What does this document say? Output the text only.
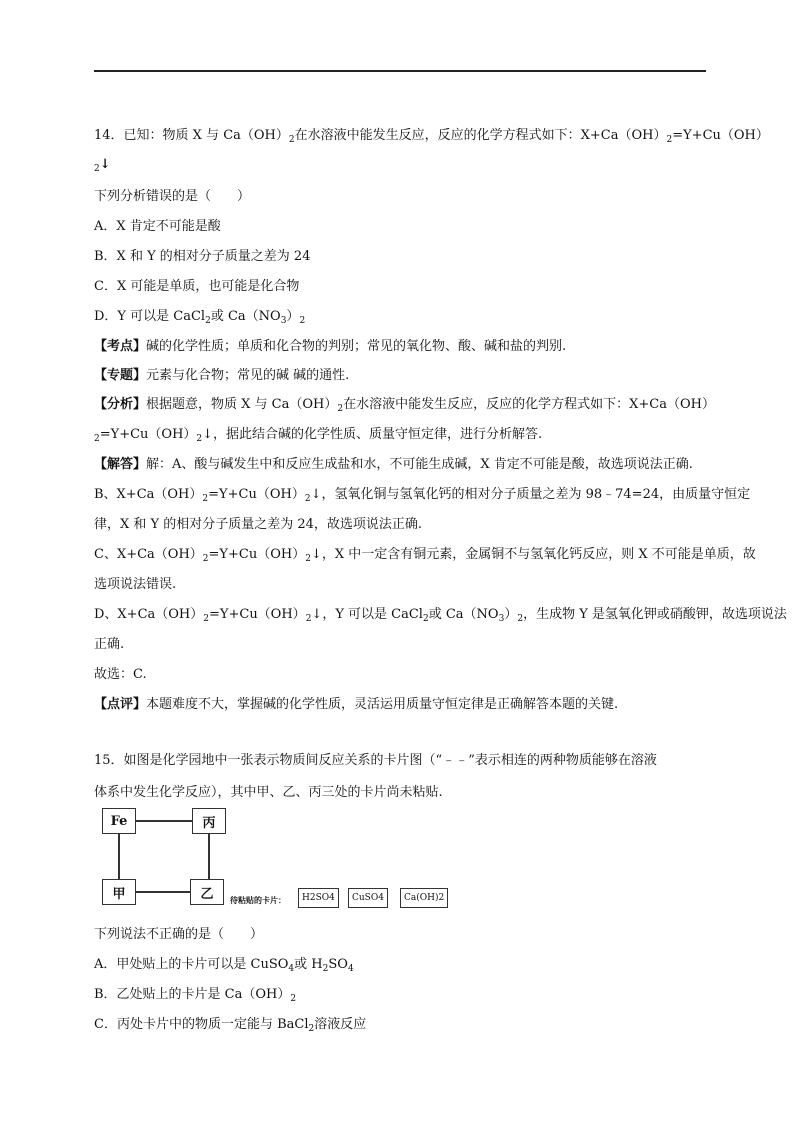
14．已知：物质 X 与 $Ca(OH)_2$在水溶液中能发生反应，反应的化学方程式如下：$X+Ca(OH)_2=Y+Cu(OH)$
$_2$↓
下列分析错误的是（　　）
A．X 肯定不可能是酸
B．X 和 Y 的相对分子质量之差为 24
C．X 可能是单质，也可能是化合物
D．Y 可以是 CaCl$_2$或 $Ca(NO_3)_2$
【考点】碱的化学性质；单质和化合物的判别；常见的氧化物、酸、碱和盐的判别.
【专题】元素与化合物；常见的碱 碱的通性.
【分析】根据题意，物质 X 与 $Ca(OH)_2$在水溶液中能发生反应，反应的化学方程式如下：X+Ca（OH）
$_2=Y+Cu(OH)_2↓$，据此结合碱的化学性质、质量守恒定律，进行分析解答.
【解答】解：A、酸与碱发生中和反应生成盐和水，不可能生成碱，X 肯定不可能是酸，故选项说法正确.
B、$X+Ca(OH)_2=Y+Cu(OH)_2↓$，氢氧化铜与氢氧化钙的相对分子质量之差为 98﹣74=24，由质量守恒定
律，X 和 Y 的相对分子质量之差为 24，故选项说法正确.
C、$X+Ca(OH)_2=Y+Cu(OH)_2↓$，X 中一定含有铜元素，金属铜不与氢氧化钙反应，则 X 不可能是单质，故
选项说法错误.
D、$X+Ca(OH)_2=Y+Cu(OH)_2↓$，Y 可以是 CaCl$_2$或 $Ca(NO_3)_2$，生成物 Y 是氢氧化钾或硝酸钾，故选项说法
正确.
故选：C.
【点评】本题难度不大，掌握碱的化学性质，灵活运用质量守恒定律是正确解答本题的关键.
15．如图是化学园地中一张表示物质间反应关系的卡片图（“﹣﹣”表示相连的两种物质能够在溶液
体系中发生化学反应），其中甲、乙、丙三处的卡片尚未粘贴.
Fe	丙
甲	乙 待粘贴的卡片： H 2 SO 4 CuSO 4 Ca(OH) 2
下列说法不正确的是（　　）
A．甲处贴上的卡片可以是 CuSO$_4$或 $H_2SO_4$
B．乙处贴上的卡片是 $Ca(OH)_2$
C．丙处卡片中的物质一定能与 BaCl$_2$溶液反应
